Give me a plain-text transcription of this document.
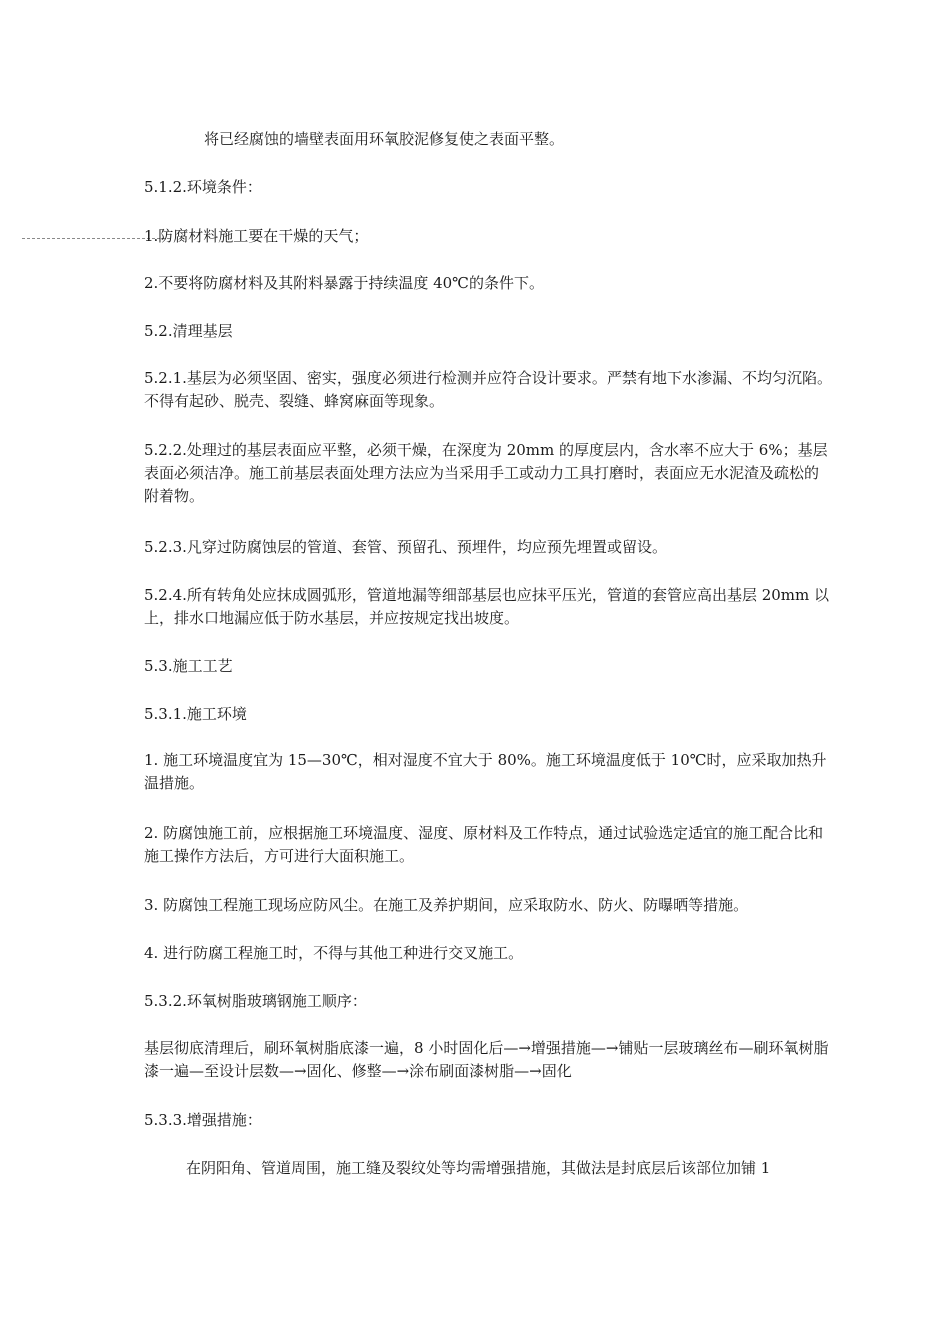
将已经腐蚀的墙壁表面用环氧胶泥修复使之表面平整。

5.1.2.环境条件：

1.防腐材料施工要在干燥的天气；

2.不要将防腐材料及其附料暴露于持续温度 40℃的条件下。

5.2.清理基层

5.2.1.基层为必须坚固、密实，强度必须进行检测并应符合设计要求。严禁有地下水渗漏、不均匀沉陷。不得有起砂、脱壳、裂缝、蜂窝麻面等现象。

5.2.2.处理过的基层表面应平整，必须干燥，在深度为 20mm 的厚度层内，含水率不应大于 6%；基层表面必须洁净。施工前基层表面处理方法应为当采用手工或动力工具打磨时，表面应无水泥渣及疏松的附着物。

5.2.3.凡穿过防腐蚀层的管道、套管、预留孔、预埋件，均应预先埋置或留设。

5.2.4.所有转角处应抹成圆弧形，管道地漏等细部基层也应抹平压光，管道的套管应高出基层 20mm 以上，排水口地漏应低于防水基层，并应按规定找出坡度。

5.3.施工工艺

5.3.1.施工环境

1. 施工环境温度宜为 15—30℃，相对湿度不宜大于 80%。施工环境温度低于 10℃时，应采取加热升温措施。

2. 防腐蚀施工前，应根据施工环境温度、湿度、原材料及工作特点，通过试验选定适宜的施工配合比和施工操作方法后，方可进行大面积施工。

3. 防腐蚀工程施工现场应防风尘。在施工及养护期间，应采取防水、防火、防曝晒等措施。

4. 进行防腐工程施工时，不得与其他工种进行交叉施工。

5.3.2.环氧树脂玻璃钢施工顺序：

基层彻底清理后，刷环氧树脂底漆一遍，8 小时固化后—→增强措施—→铺贴一层玻璃丝布—刷环氧树脂漆一遍—至设计层数—→固化、修整—→涂布刷面漆树脂—→固化

5.3.3.增强措施：

在阴阳角、管道周围，施工缝及裂纹处等均需增强措施，其做法是封底层后该部位加铺 1
